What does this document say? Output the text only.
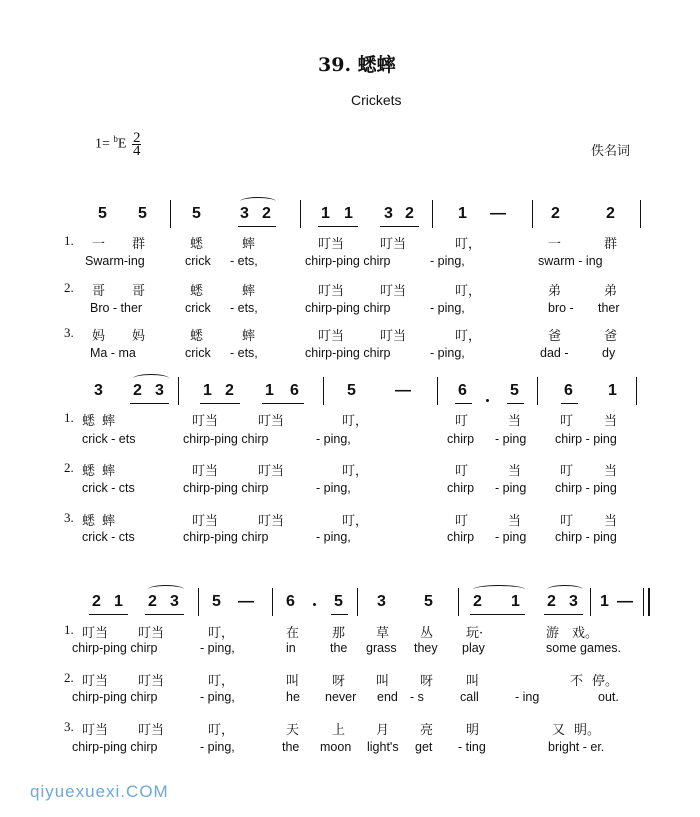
39. 蟋蟀
Crickets
$1= ^bE \frac{2}{4}$	佚名词
5 5	5 3 2	1 1 3 2	1 —	2	2
1. 一 群	蟋	蟀	叮当	叮当	叮，	一	群
Swarm-ing	crick - ets,	chirp-ping chirp	- ping,	swarm - ing
2. 哥 哥	蟋	蟀	叮当	叮当	叮，	弟	弟
Bro - ther	crick - ets,	chirp-ping chirp	- ping,	bro - ther
3. 妈 妈	蟋	蟀	叮当	叮当	叮，	爸	爸
Ma - ma	crick - ets,	chirp-ping chirp	- ping,	dad -	dy
3 2 3 1 2 1 6	5 —	6	5	6 1
1. 蟋 蟀	叮当	叮当	叮，	叮	当	叮 当
crick - ets	chirp-ping chirp	- ping,	chirp - ping chirp - ping
2. 蟋 蟀	叮当	叮当	叮，	叮	当	叮 当
crick - cts	chirp-ping chirp	- ping,	chirp - ping chirp - ping
3. 蟋 蟀	叮当	叮当	叮，	叮	当	叮 当
crick - cts	chirp-ping chirp	- ping,	chirp - ping chirp - ping
2 1 2 3 5 — 6 5 3 5	2 1 2 3 1 —
1. 叮当 叮当	叮，	在	那 草 丛	玩·	游 戏。
chirp-ping chirp	- ping,	in	the grass they play	some games.
2. 叮当 叮当	叮，	叫	呀 叫 呀	叫	不 停。
chirp-ping chirp	- ping,	he never end - s	call	- ing	out.
3. 叮当 叮当	叮，	天	上 月 亮	明	又 明。
chirp-ping chirp	- ping,	the moon light's get - ting	bright - er.
qiyuexuexi.COM
